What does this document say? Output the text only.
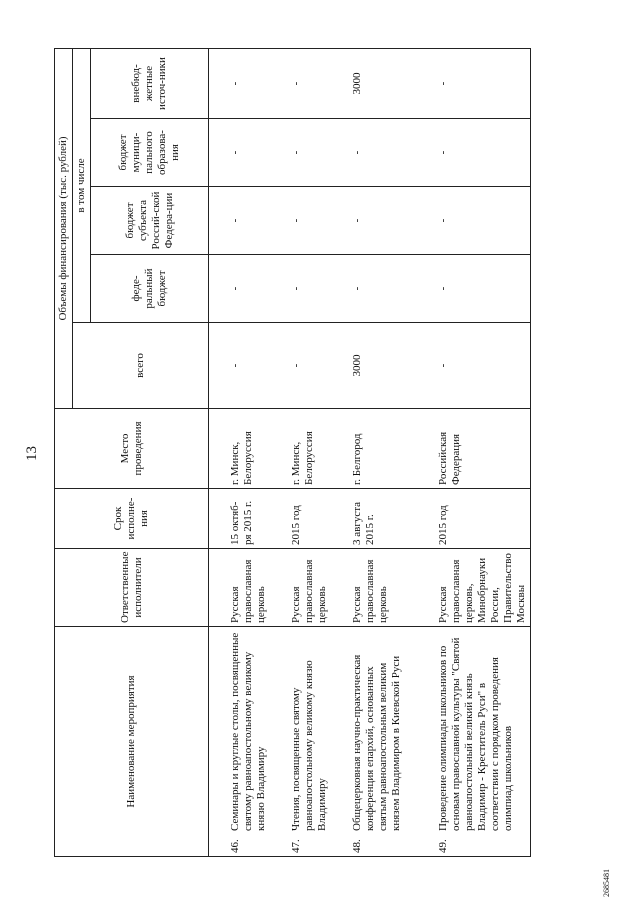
13
2685481
Наименование мероприятия	Ответственные исполнители	Срок исполне-ния	Место проведения	Объемы финансирования (тыс. рублей)				
				всего	в том числе			
					феде-ральный бюджет	бюджет субъекта Россий-ской Федера-ции	бюджет муници-пального образова-ния	внебюд-жетные источ-ники

46.
Семинары и круглые столы, посвященные святому равноапостольному великому князю Владимиру	Русская православная церковь	15 октяб- ря 2015 г.	г. Минск, Белоруссия	-	-	-	-	-

47.
Чтения, посвященные святому равноапостольному великому князю Владимиру	Русская православная церковь	2015 год	г. Минск, Белоруссия	-	-	-	-	-

48.
Общецерковная научно-практическая конференция епархий, основанных святым равноапостольным великим князем Владимиром в Киевской Руси	Русская православная церковь	3 августа 2015 г.	г. Белгород	3000	-	-	-	3000

49.
Проведение олимпиады школьников по основам православной культуры "Святой равноапостольный великий князь Владимир - Креститель Руси" в соответствии с порядком проведения олимпиад школьников	Русская православная церковь, Минобрнауки России, Правительство Москвы	2015 год	Российская Федерация	-	-	-	-	-
